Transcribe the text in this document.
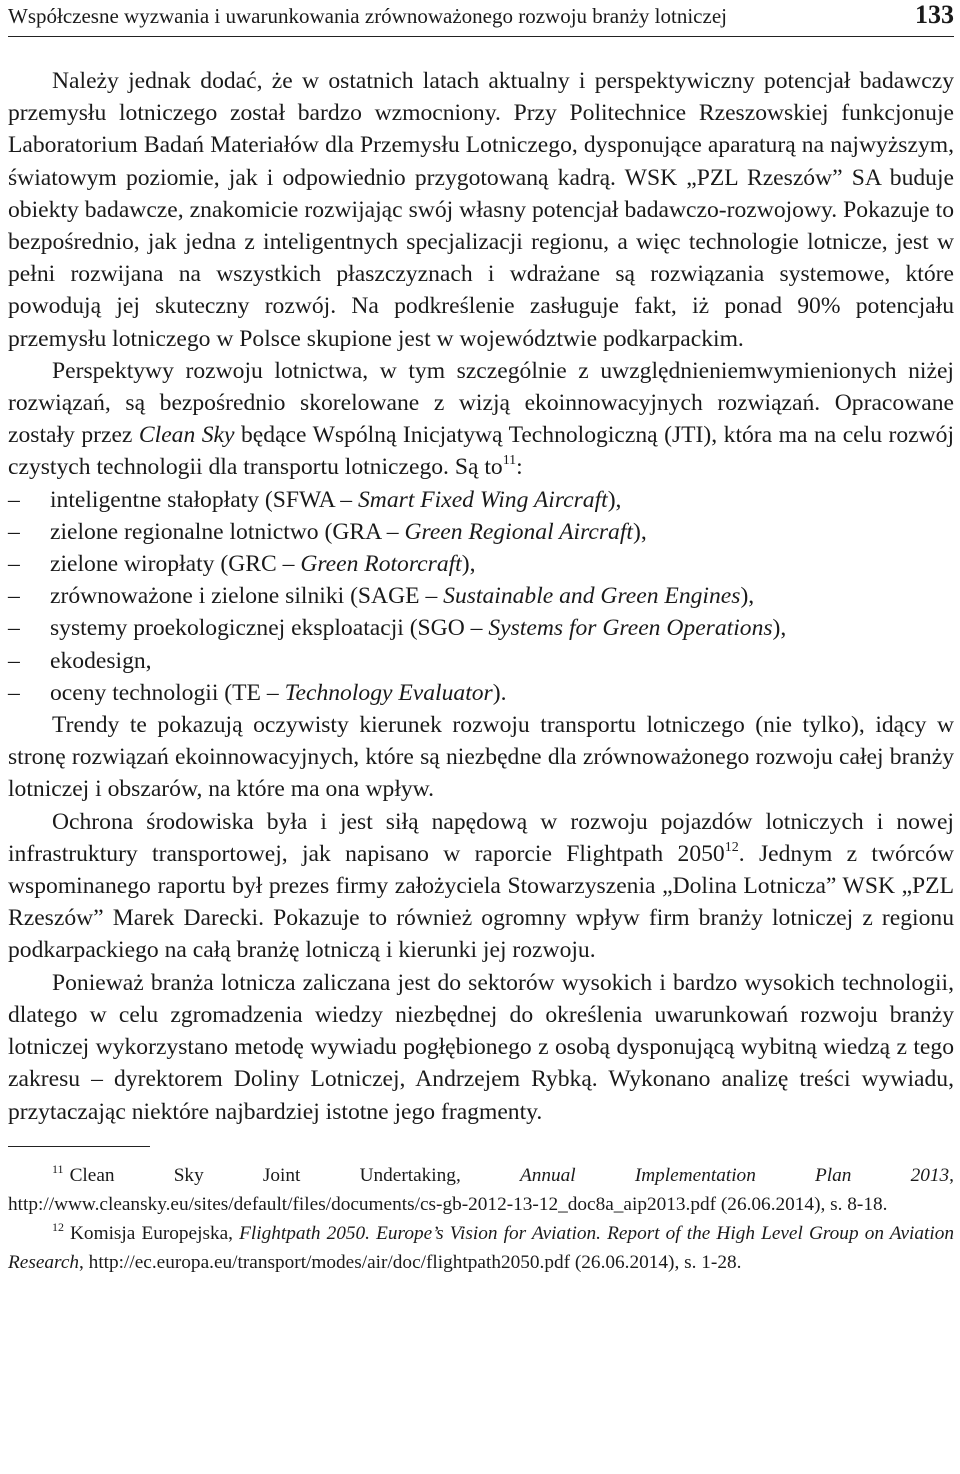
Współczesne wyzwania i uwarunkowania zrównoważonego rozwoju branży lotniczej	133

Należy jednak dodać, że w ostatnich latach aktualny i perspektywiczny potencjał badawczy przemysłu lotniczego został bardzo wzmocniony. Przy Politechnice Rzeszowskiej funkcjonuje Laboratorium Badań Materiałów dla Przemysłu Lotniczego, dysponujące aparaturą na najwyższym, światowym poziomie, jak i odpowiednio przygotowaną kadrą. WSK „PZL Rzeszów” SA buduje obiekty badawcze, znakomicie rozwijając swój własny potencjał badawczo-rozwojowy. Pokazuje to bezpośrednio, jak jedna z inteligentnych specjalizacji regionu, a więc technologie lotnicze, jest w pełni rozwijana na wszystkich płaszczyznach i wdrażane są rozwiązania systemowe, które powodują jej skuteczny rozwój. Na podkreślenie zasługuje fakt, iż ponad 90% potencjału przemysłu lotniczego w Polsce skupione jest w województwie podkarpackim.

Perspektywy rozwoju lotnictwa, w tym szczególnie z uwzględnieniemwymienionych niżej rozwiązań, są bezpośrednio skorelowane z wizją ekoinnowacyjnych rozwiązań. Opracowane zostały przez Clean Sky będące Wspólną Inicjatywą Technologiczną (JTI), która ma na celu rozwój czystych technologii dla transportu lotniczego. Są $to^{11}$:

– inteligentne stałopłaty (SFWA – Smart Fixed Wing Aircraft),
– zielone regionalne lotnictwo (GRA – Green Regional Aircraft),
– zielone wiropłaty (GRC – Green Rotorcraft),
– zrównoważone i zielone silniki (SAGE – Sustainable and Green Engines),
– systemy proekologicznej eksploatacji (SGO – Systems for Green Operations),
– ekodesign,
– oceny technologii (TE – Technology Evaluator).

Trendy te pokazują oczywisty kierunek rozwoju transportu lotniczego (nie tylko), idący w stronę rozwiązań ekoinnowacyjnych, które są niezbędne dla zrównoważonego rozwoju całej branży lotniczej i obszarów, na które ma ona wpływ.

Ochrona środowiska była i jest siłą napędową w rozwoju pojazdów lotniczych i nowej infrastruktury transportowej, jak napisano w raporcie Flightpath 2050$^{12}$. Jednym z twórców wspominanego raportu był prezes firmy założyciela Stowarzyszenia „Dolina Lotnicza” WSK „PZL Rzeszów” Marek Darecki. Pokazuje to również ogromny wpływ firm branży lotniczej z regionu podkarpackiego na całą branżę lotniczą i kierunki jej rozwoju.

Ponieważ branża lotnicza zaliczana jest do sektorów wysokich i bardzo wysokich technologii, dlatego w celu zgromadzenia wiedzy niezbędnej do określenia uwarunkowań rozwoju branży lotniczej wykorzystano metodę wywiadu pogłębionego z osobą dysponującą wybitną wiedzą z tego zakresu – dyrektorem Doliny Lotniczej, Andrzejem Rybką. Wykonano analizę treści wywiadu, przytaczając niektóre najbardziej istotne jego fragmenty.

$^{11}$ Clean Sky Joint Undertaking, Annual Implementation Plan 2013, http://www.cleansky.eu/sites/default/files/documents/cs-gb-2012-13-12_doc8a_aip2013.pdf (26.06.2014), s. 8-18.

$^{12}$ Komisja Europejska, Flightpath 2050. Europe’s Vision for Aviation. Report of the High Level Group on Aviation Research, http://ec.europa.eu/transport/modes/air/doc/flightpath2050.pdf (26.06.2014), s. 1-28.
